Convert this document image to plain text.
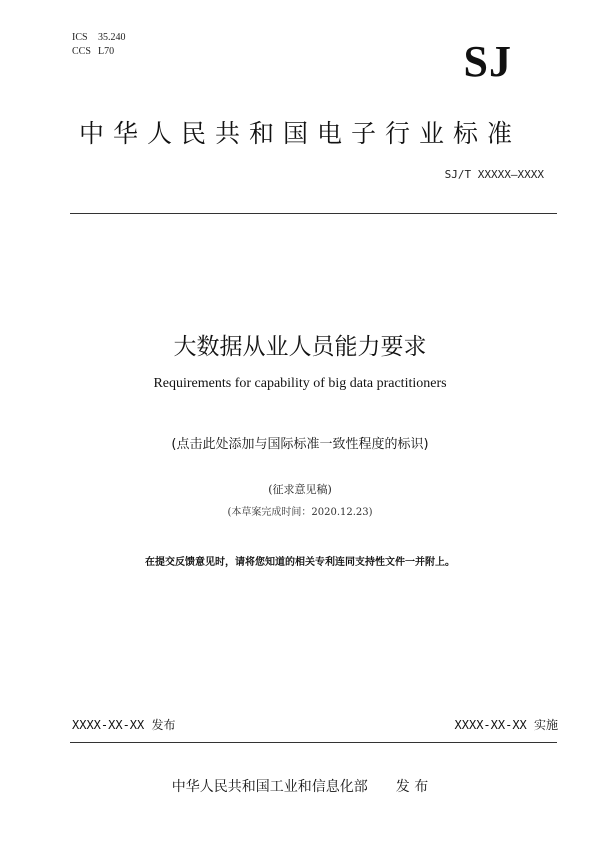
ICS 35.240
CCS L70	SJ
中华人民共和国电子行业标准
SJ/T XXXXX—XXXX
大数据从业人员能力要求
Requirements for capability of big data practitioners
(点击此处添加与国际标准一致性程度的标识)
(征求意见稿)
(本草案完成时间：2020.12.23)
在提交反馈意见时，请将您知道的相关专利连同支持性文件一并附上。
XXXX-XX-XX 发布	XXXX-XX-XX 实施
中华人民共和国工业和信息化部 发 布
